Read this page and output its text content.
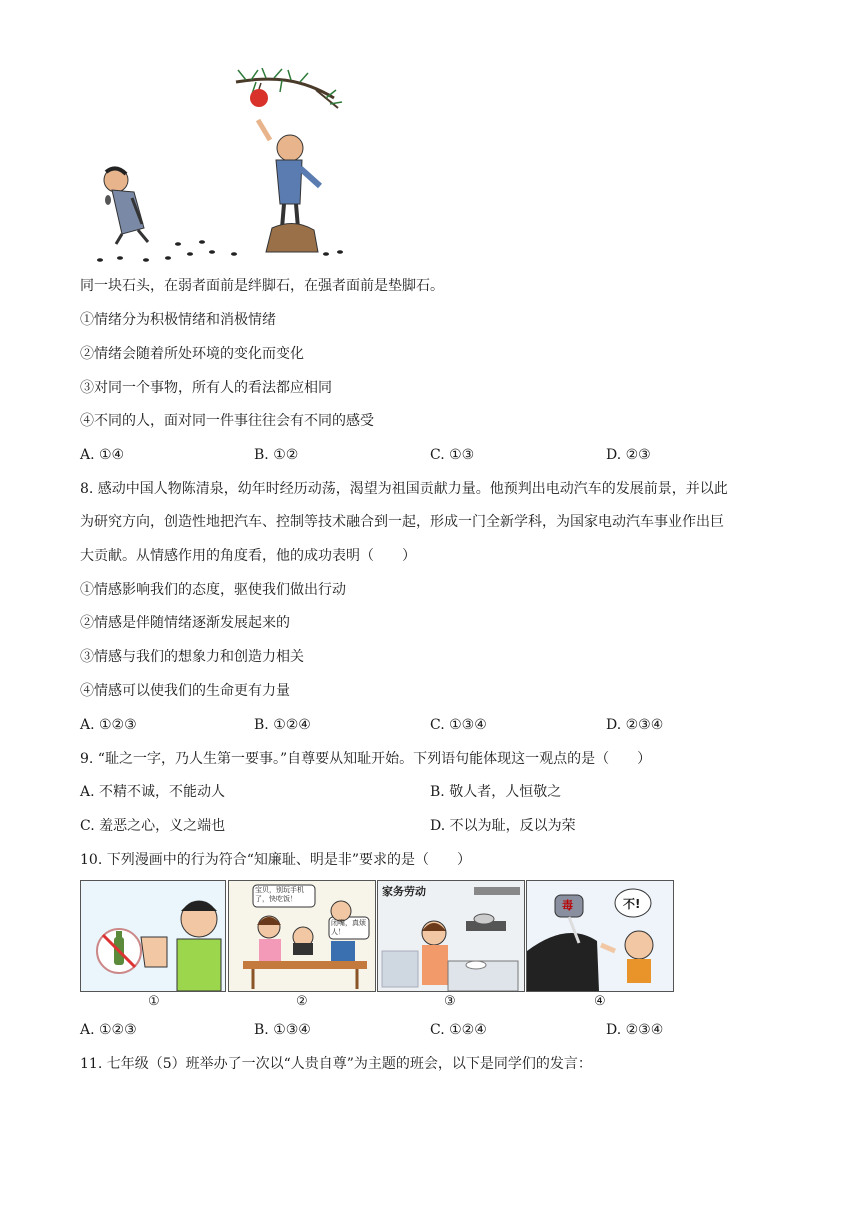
同一块石头，在弱者面前是绊脚石，在强者面前是垫脚石。
①情绪分为积极情绪和消极情绪
②情绪会随着所处环境的变化而变化
③对同一个事物，所有人的看法都应相同
④不同的人，面对同一件事往往会有不同的感受
A. ①④	B. ①②	C. ①③	D. ②③
8. 感动中国人物陈清泉，幼年时经历动荡，渴望为祖国贡献力量。他预判出电动汽车的发展前景，并以此
为研究方向，创造性地把汽车、控制等技术融合到一起，形成一门全新学科，为国家电动汽车事业作出巨
大贡献。从情感作用的角度看，他的成功表明（　　）
①情感影响我们的态度，驱使我们做出行动
②情感是伴随情绪逐渐发展起来的
③情感与我们的想象力和创造力相关
④情感可以使我们的生命更有力量
A. ①②③	B. ①②④	C. ①③④	D. ②③④
9. “耻之一字，乃人生第一要事。”自尊要从知耻开始。下列语句能体现这一观点的是（　　）
A. 不精不诚，不能动人	B. 敬人者，人恒敬之
C. 羞恶之心，义之端也	D. 不以为耻，反以为荣
10. 下列漫画中的行为符合“知廉耻、明是非”要求的是（　　）
宝贝，别玩手机了，快吃饭！
闭嘴，真烦人！
家务劳动
毒	不!
①	②	③	④
A. ①②③	B. ①③④	C. ①②④	D. ②③④
11. 七年级（5）班举办了一次以“人贵自尊”为主题的班会，以下是同学们的发言：
